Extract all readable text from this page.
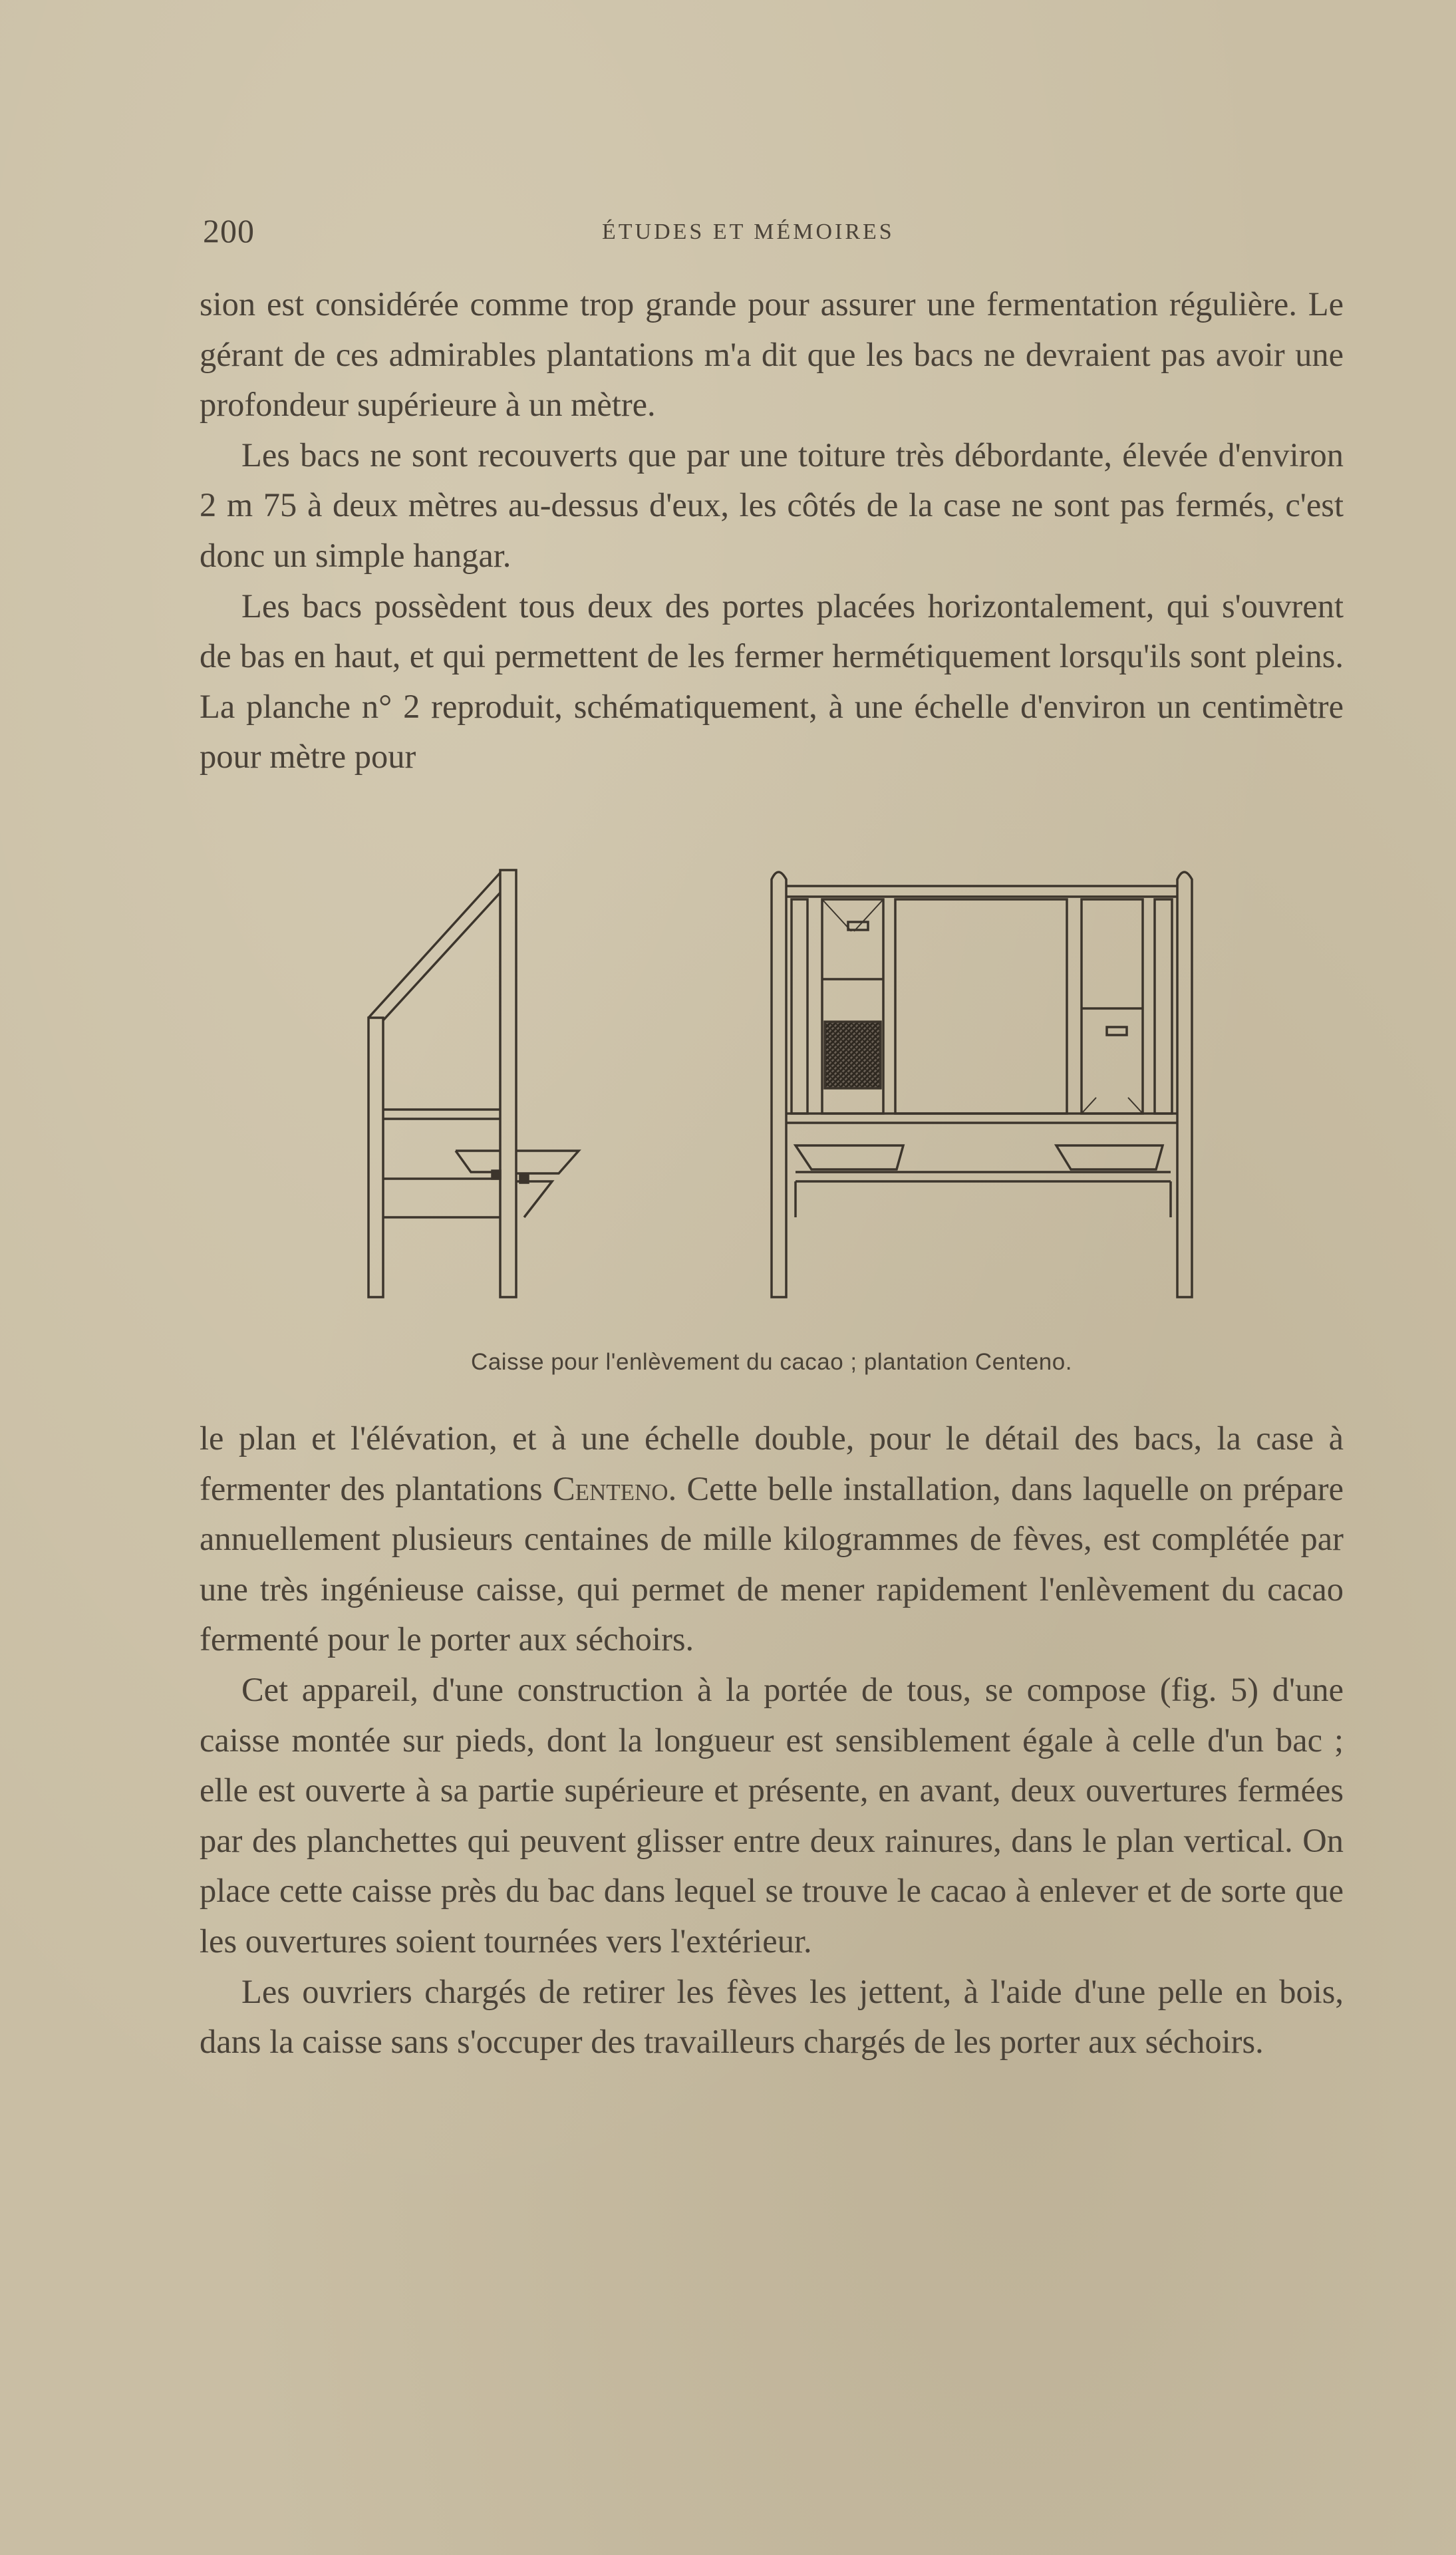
200	ÉTUDES ET MÉMOIRES

sion est considérée comme trop grande pour assurer une fermentation régulière. Le gérant de ces admirables plantations m'a dit que les bacs ne devraient pas avoir une profondeur supérieure à un mètre.

Les bacs ne sont recouverts que par une toiture très débordante, élevée d'environ 2 m 75 à deux mètres au-dessus d'eux, les côtés de la case ne sont pas fermés, c'est donc un simple hangar.

Les bacs possèdent tous deux des portes placées horizontalement, qui s'ouvrent de bas en haut, et qui permettent de les fermer hermétiquement lorsqu'ils sont pleins. La planche n° 2 reproduit, schématiquement, à une échelle d'environ un centimètre pour mètre pour

Caisse pour l'enlèvement du cacao ; plantation Centeno.

le plan et l'élévation, et à une échelle double, pour le détail des bacs, la case à fermenter des plantations Centeno. Cette belle installation, dans laquelle on prépare annuellement plusieurs centaines de mille kilogrammes de fèves, est complétée par une très ingénieuse caisse, qui permet de mener rapidement l'enlèvement du cacao fermenté pour le porter aux séchoirs.

Cet appareil, d'une construction à la portée de tous, se compose (fig. 5) d'une caisse montée sur pieds, dont la longueur est sensiblement égale à celle d'un bac ; elle est ouverte à sa partie supérieure et présente, en avant, deux ouvertures fermées par des planchettes qui peuvent glisser entre deux rainures, dans le plan vertical. On place cette caisse près du bac dans lequel se trouve le cacao à enlever et de sorte que les ouvertures soient tournées vers l'extérieur.

Les ouvriers chargés de retirer les fèves les jettent, à l'aide d'une pelle en bois, dans la caisse sans s'occuper des travailleurs chargés de les porter aux séchoirs.
